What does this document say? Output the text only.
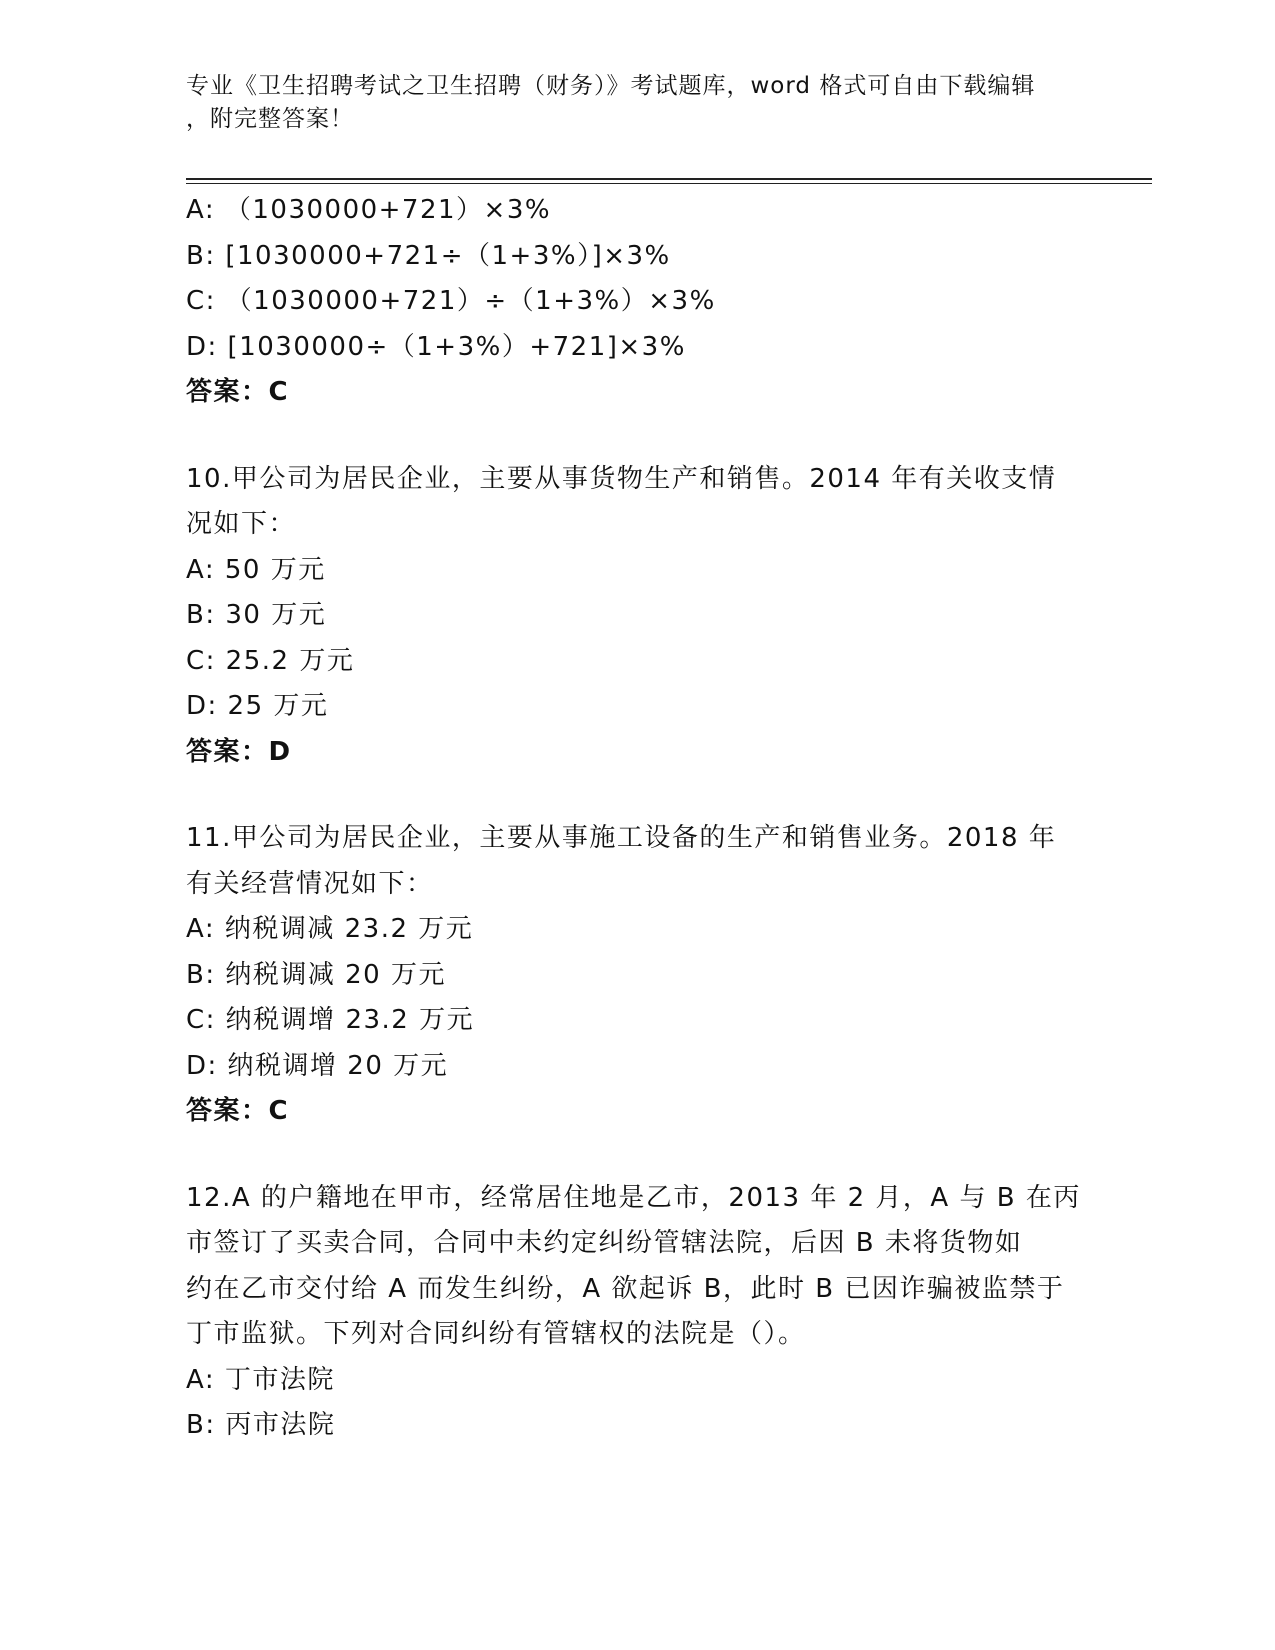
专业《卫生招聘考试之卫生招聘（财务）》考试题库，word 格式可自由下载编辑
，附完整答案！
A: （1030000+721）×3%
B: [1030000+721÷（1+3%）]×3%
C: （1030000+721）÷（1+3%）×3%
D: [1030000÷（1+3%）+721]×3%
答案：C
10.甲公司为居民企业，主要从事货物生产和销售。2014 年有关收支情
况如下：
A: 50 万元
B: 30 万元
C: 25.2 万元
D: 25 万元
答案：D
11.甲公司为居民企业，主要从事施工设备的生产和销售业务。2018 年
有关经营情况如下：
A: 纳税调减 23.2 万元
B: 纳税调减 20 万元
C: 纳税调增 23.2 万元
D: 纳税调增 20 万元
答案：C
12.A 的户籍地在甲市，经常居住地是乙市，2013 年 2 月，A 与 B 在丙
市签订了买卖合同，合同中未约定纠纷管辖法院，后因 B 未将货物如
约在乙市交付给 A 而发生纠纷，A 欲起诉 B，此时 B 已因诈骗被监禁于
丁市监狱。下列对合同纠纷有管辖权的法院是（）。
A: 丁市法院
B: 丙市法院
